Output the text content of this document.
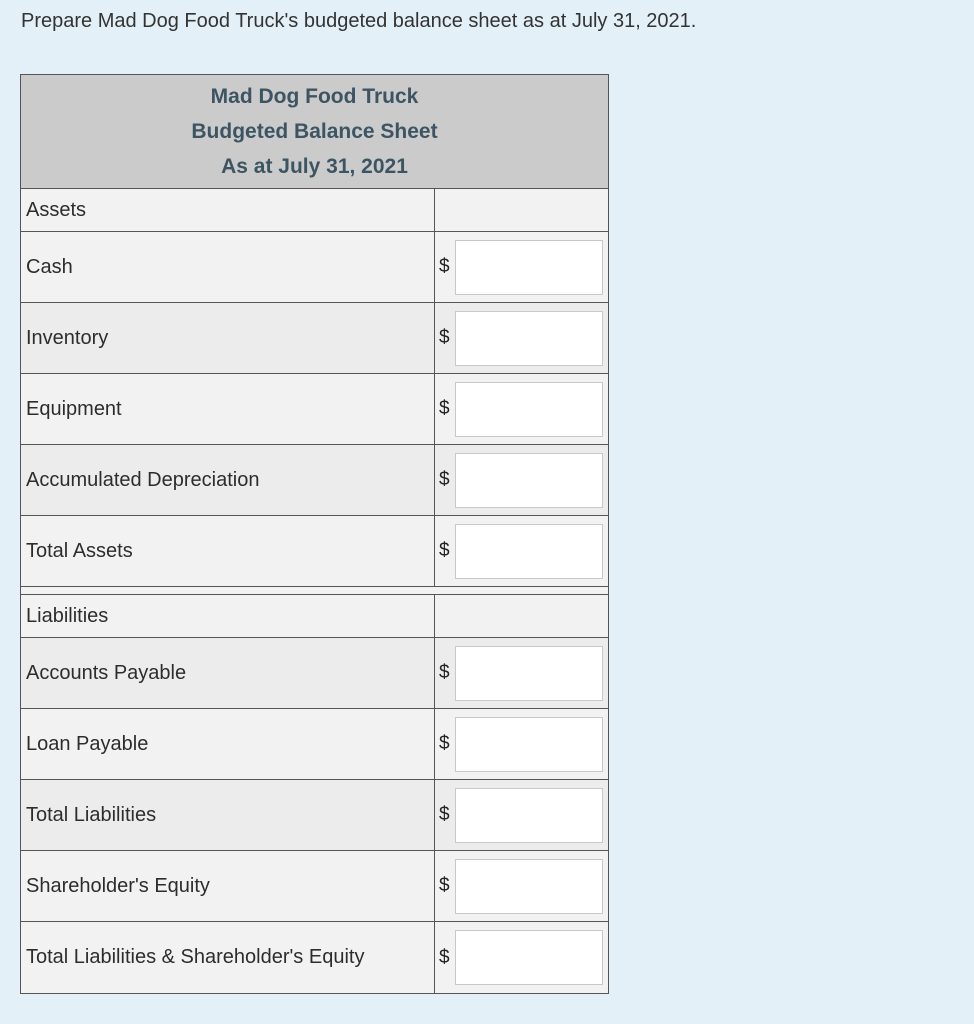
Prepare Mad Dog Food Truck's budgeted balance sheet as at July 31, 2021.
Mad Dog Food Truck
Budgeted Balance Sheet
As at July 31, 2021
Assets
Cash	$
Inventory	$
Equipment	$
Accumulated Depreciation	$
Total Assets	$
Liabilities
Accounts Payable	$
Loan Payable	$
Total Liabilities	$
Shareholder's Equity	$
Total Liabilities & Shareholder's Equity	$
